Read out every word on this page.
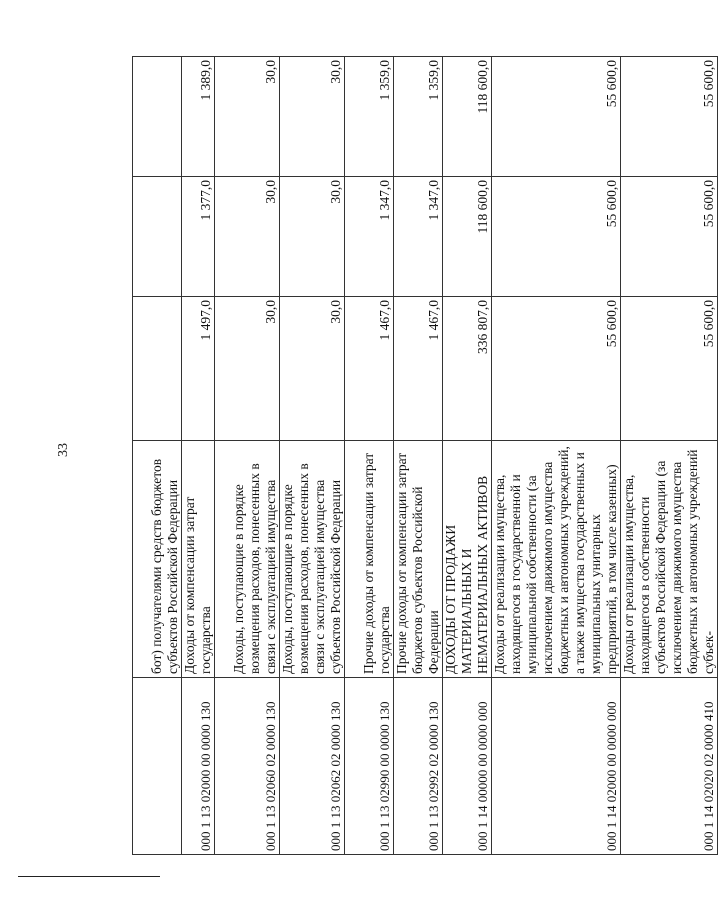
33
	бот) получателями средств бюджетов субъектов Российской Федерации			
000 1 13 02000 00 0000 130	Доходы от компенсации затрат государства	1 497,0	1 377,0	1 389,0
000 1 13 02060 02 0000 130	Доходы, поступающие в порядке возмещения расходов, понесенных в связи с эксплуатацией имущества	30,0	30,0	30,0
000 1 13 02062 02 0000 130	Доходы, поступающие в порядке возмещения расходов, понесенных в связи с эксплуатацией имущества субъектов Российской Федерации	30,0	30,0	30,0
000 1 13 02990 00 0000 130	Прочие доходы от компенсации затрат государства	1 467,0	1 347,0	1 359,0
000 1 13 02992 02 0000 130	Прочие доходы от компенсации затрат бюджетов субъектов Российской Федерации	1 467,0	1 347,0	1 359,0
000 1 14 00000 00 0000 000	ДОХОДЫ ОТ ПРОДАЖИ МАТЕРИАЛЬНЫХ И НЕМАТЕРИАЛЬНЫХ АКТИВОВ	336 807,0	118 600,0	118 600,0
000 1 14 02000 00 0000 000	Доходы от реализации имущества, находящегося в государственной и муниципальной собственности (за исключением движимого имущества бюджетных и автономных учреждений, а также имущества государственных и муниципальных унитарных предприятий, в том числе казенных)	55 600,0	55 600,0	55 600,0
000 1 14 02020 02 0000 410	Доходы от реализации имущества, находящегося в собственности субъектов Российской Федерации (за исключением движимого имущества бюджетных и автономных учреждений субъек-	55 600,0	55 600,0	55 600,0
